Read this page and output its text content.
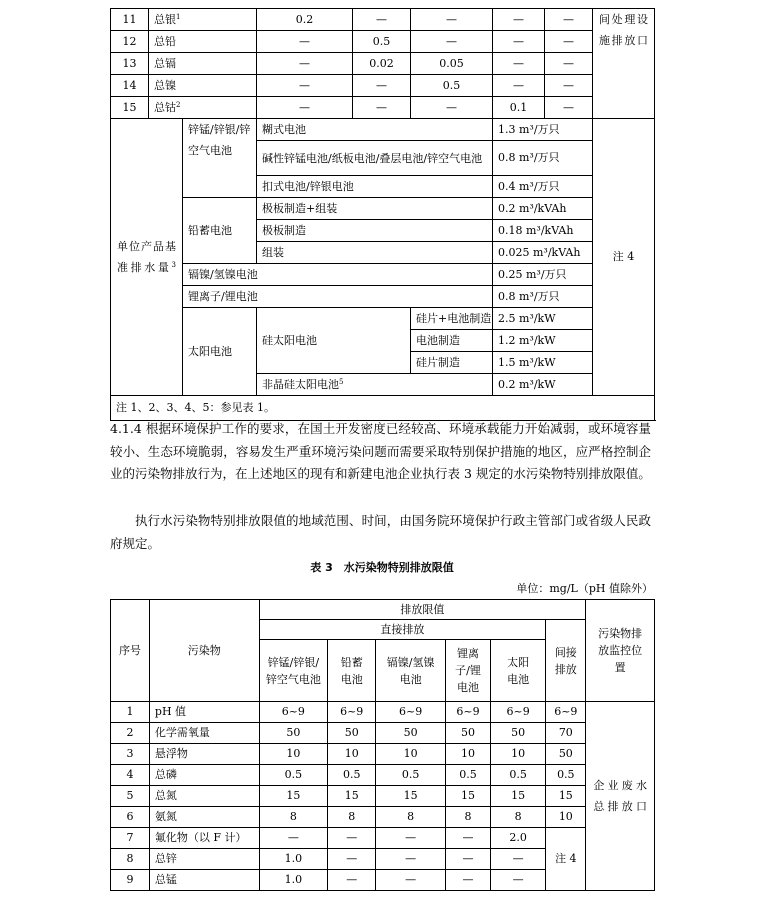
11	总银$^1$		0.2	—	—	—	—	间处理设施排放口	
12	总铅		—	0.5	—	—	—		
13	总镉		—	0.02	0.05	—	—		
14	总镍		—	—	0.5	—	—		
15	总钴$^2$		—	—	—	0.1	—		
单位产品基准排水量$^3$		锌锰/锌银/锌空气电池	糊式电池			1.3 m³/万只		注 4	
			碱性锌锰电池/纸板电池/叠层电池/锌空气电池			0.8 m³/万只			
			扣式电池/锌银电池			0.4 m³/万只			
		铅蓄电池	极板制造+组装			0.2 m³/kVAh			
			极板制造			0.18 m³/kVAh			
			组装			0.025 m³/kVAh			
		镉镍/氢镍电池				0.25 m³/万只			
		锂离子/锂电池				0.8 m³/万只			
		太阳电池	硅太阳电池		硅片+电池制造	2.5 m³/kW			
					电池制造	1.2 m³/kW			
					硅片制造	1.5 m³/kW			
			非晶硅太阳电池$^5$			0.2 m³/kW			
注 1、2、3、4、5：参见表 1。									

4.1.4 根据环境保护工作的要求，在国土开发密度已经较高、环境承载能力开始减弱，或环境容量较小、生态环境脆弱，容易发生严重环境污染问题而需要采取特别保护措施的地区，应严格控制企业的污染物排放行为，在上述地区的现有和新建电池企业执行表 3 规定的水污染物特别排放限值。

执行水污染物特别排放限值的地域范围、时间，由国务院环境保护行政主管部门或省级人民政府规定。

表 3　水污染物特别排放限值
单位：mg/L（pH 值除外）
序号	污染物	排放限值						污染物排放监控位置
		直接排放					间接排放	
		锌锰/锌银/锌空气电池	铅蓄电池	镉镍/氢镍电池	锂离子/锂电池	太阳电池		
1	pH 值	6~9	6~9	6~9	6~9	6~9	6~9	企业废水总排放口
2	化学需氧量	50	50	50	50	50	70	
3	悬浮物	10	10	10	10	10	50	
4	总磷	0.5	0.5	0.5	0.5	0.5	0.5	
5	总氮	15	15	15	15	15	15	
6	氨氮	8	8	8	8	8	10	
7	氟化物（以 F 计）	—	—	—	—	2.0	注 4	
8	总锌	1.0	—	—	—	—		
9	总锰	1.0	—	—	—	—		
